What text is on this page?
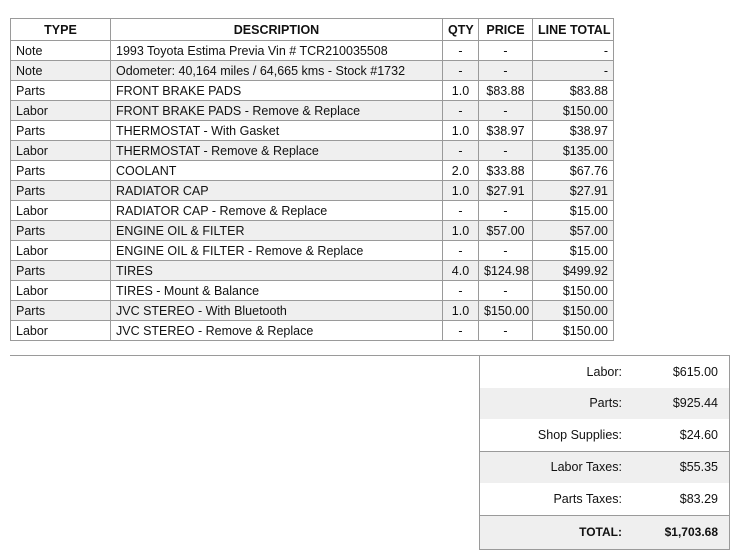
TYPE	DESCRIPTION	QTY	PRICE	LINE TOTAL
Note	1993 Toyota Estima Previa Vin # TCR210035508	-	-	-
Note	Odometer: 40,164 miles / 64,665 kms - Stock #1732	-	-	-
Parts	FRONT BRAKE PADS	1.0	$83.88	$83.88
Labor	FRONT BRAKE PADS - Remove & Replace	-	-	$150.00
Parts	THERMOSTAT - With Gasket	1.0	$38.97	$38.97
Labor	THERMOSTAT - Remove & Replace	-	-	$135.00
Parts	COOLANT	2.0	$33.88	$67.76
Parts	RADIATOR CAP	1.0	$27.91	$27.91
Labor	RADIATOR CAP - Remove & Replace	-	-	$15.00
Parts	ENGINE OIL & FILTER	1.0	$57.00	$57.00
Labor	ENGINE OIL & FILTER - Remove & Replace	-	-	$15.00
Parts	TIRES	4.0	$124.98	$499.92
Labor	TIRES - Mount & Balance	-	-	$150.00
Parts	JVC STEREO - With Bluetooth	1.0	$150.00	$150.00
Labor	JVC STEREO - Remove & Replace	-	-	$150.00
Labor:	$615.00
Parts:	$925.44
Shop Supplies:	$24.60
Labor Taxes:	$55.35
Parts Taxes:	$83.29
TOTAL:	$1,703.68
